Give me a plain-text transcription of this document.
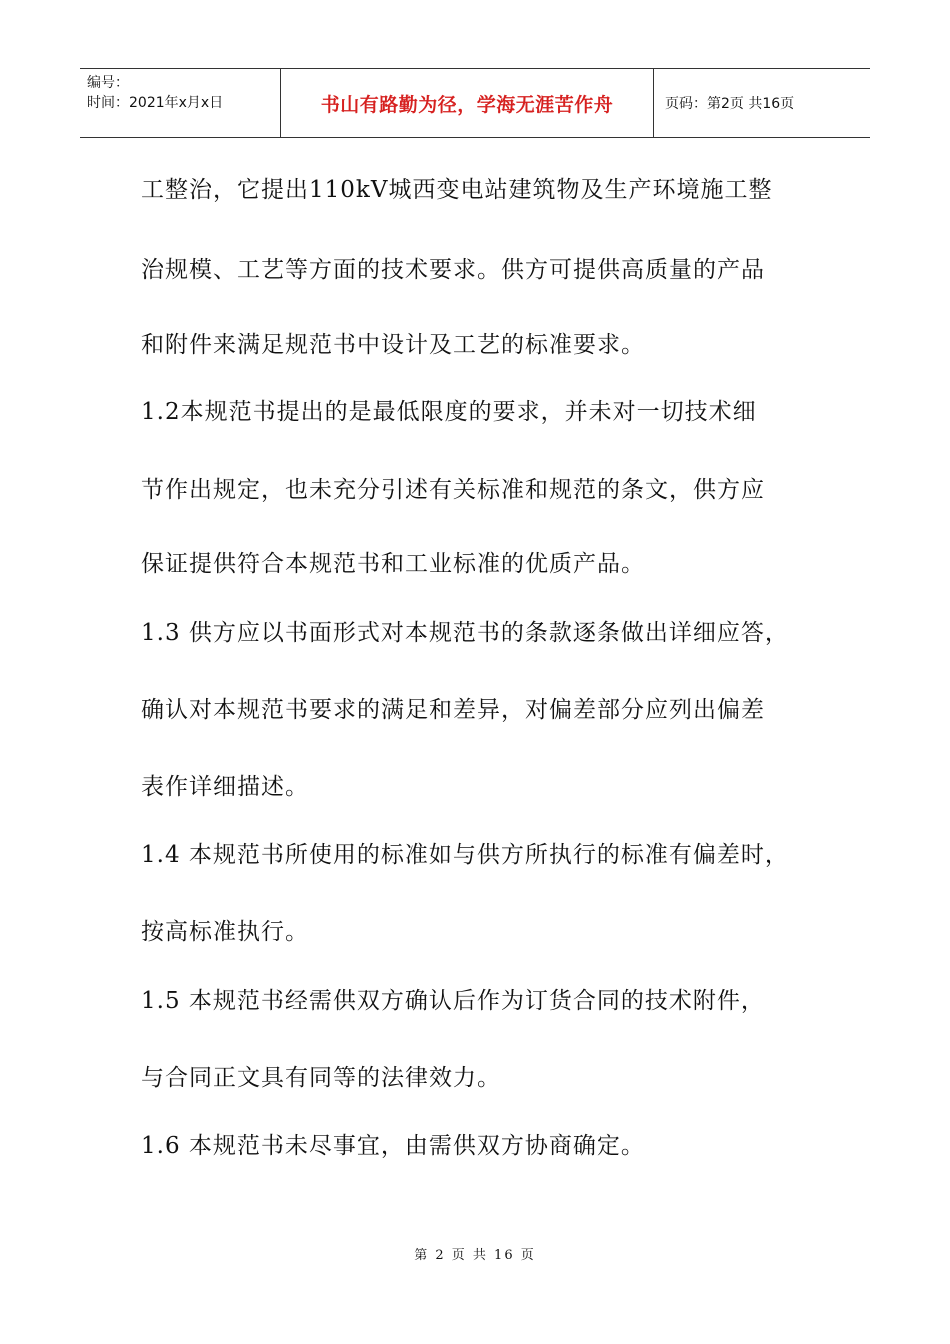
编号：
时间：2021年x月x日	书山有路勤为径，学海无涯苦作舟	页码：第2页 共16页
工整治，它提出110kV城西变电站建筑物及生产环境施工整
治规模、工艺等方面的技术要求。供方可提供高质量的产品
和附件来满足规范书中设计及工艺的标准要求。
1.2本规范书提出的是最低限度的要求，并未对一切技术细
节作出规定，也未充分引述有关标准和规范的条文，供方应
保证提供符合本规范书和工业标准的优质产品。
1.3 供方应以书面形式对本规范书的条款逐条做出详细应答，
确认对本规范书要求的满足和差异，对偏差部分应列出偏差
表作详细描述。
1.4 本规范书所使用的标准如与供方所执行的标准有偏差时，
按高标准执行。
1.5 本规范书经需供双方确认后作为订货合同的技术附件，
与合同正文具有同等的法律效力。
1.6 本规范书未尽事宜，由需供双方协商确定。
第 2 页 共 16 页
